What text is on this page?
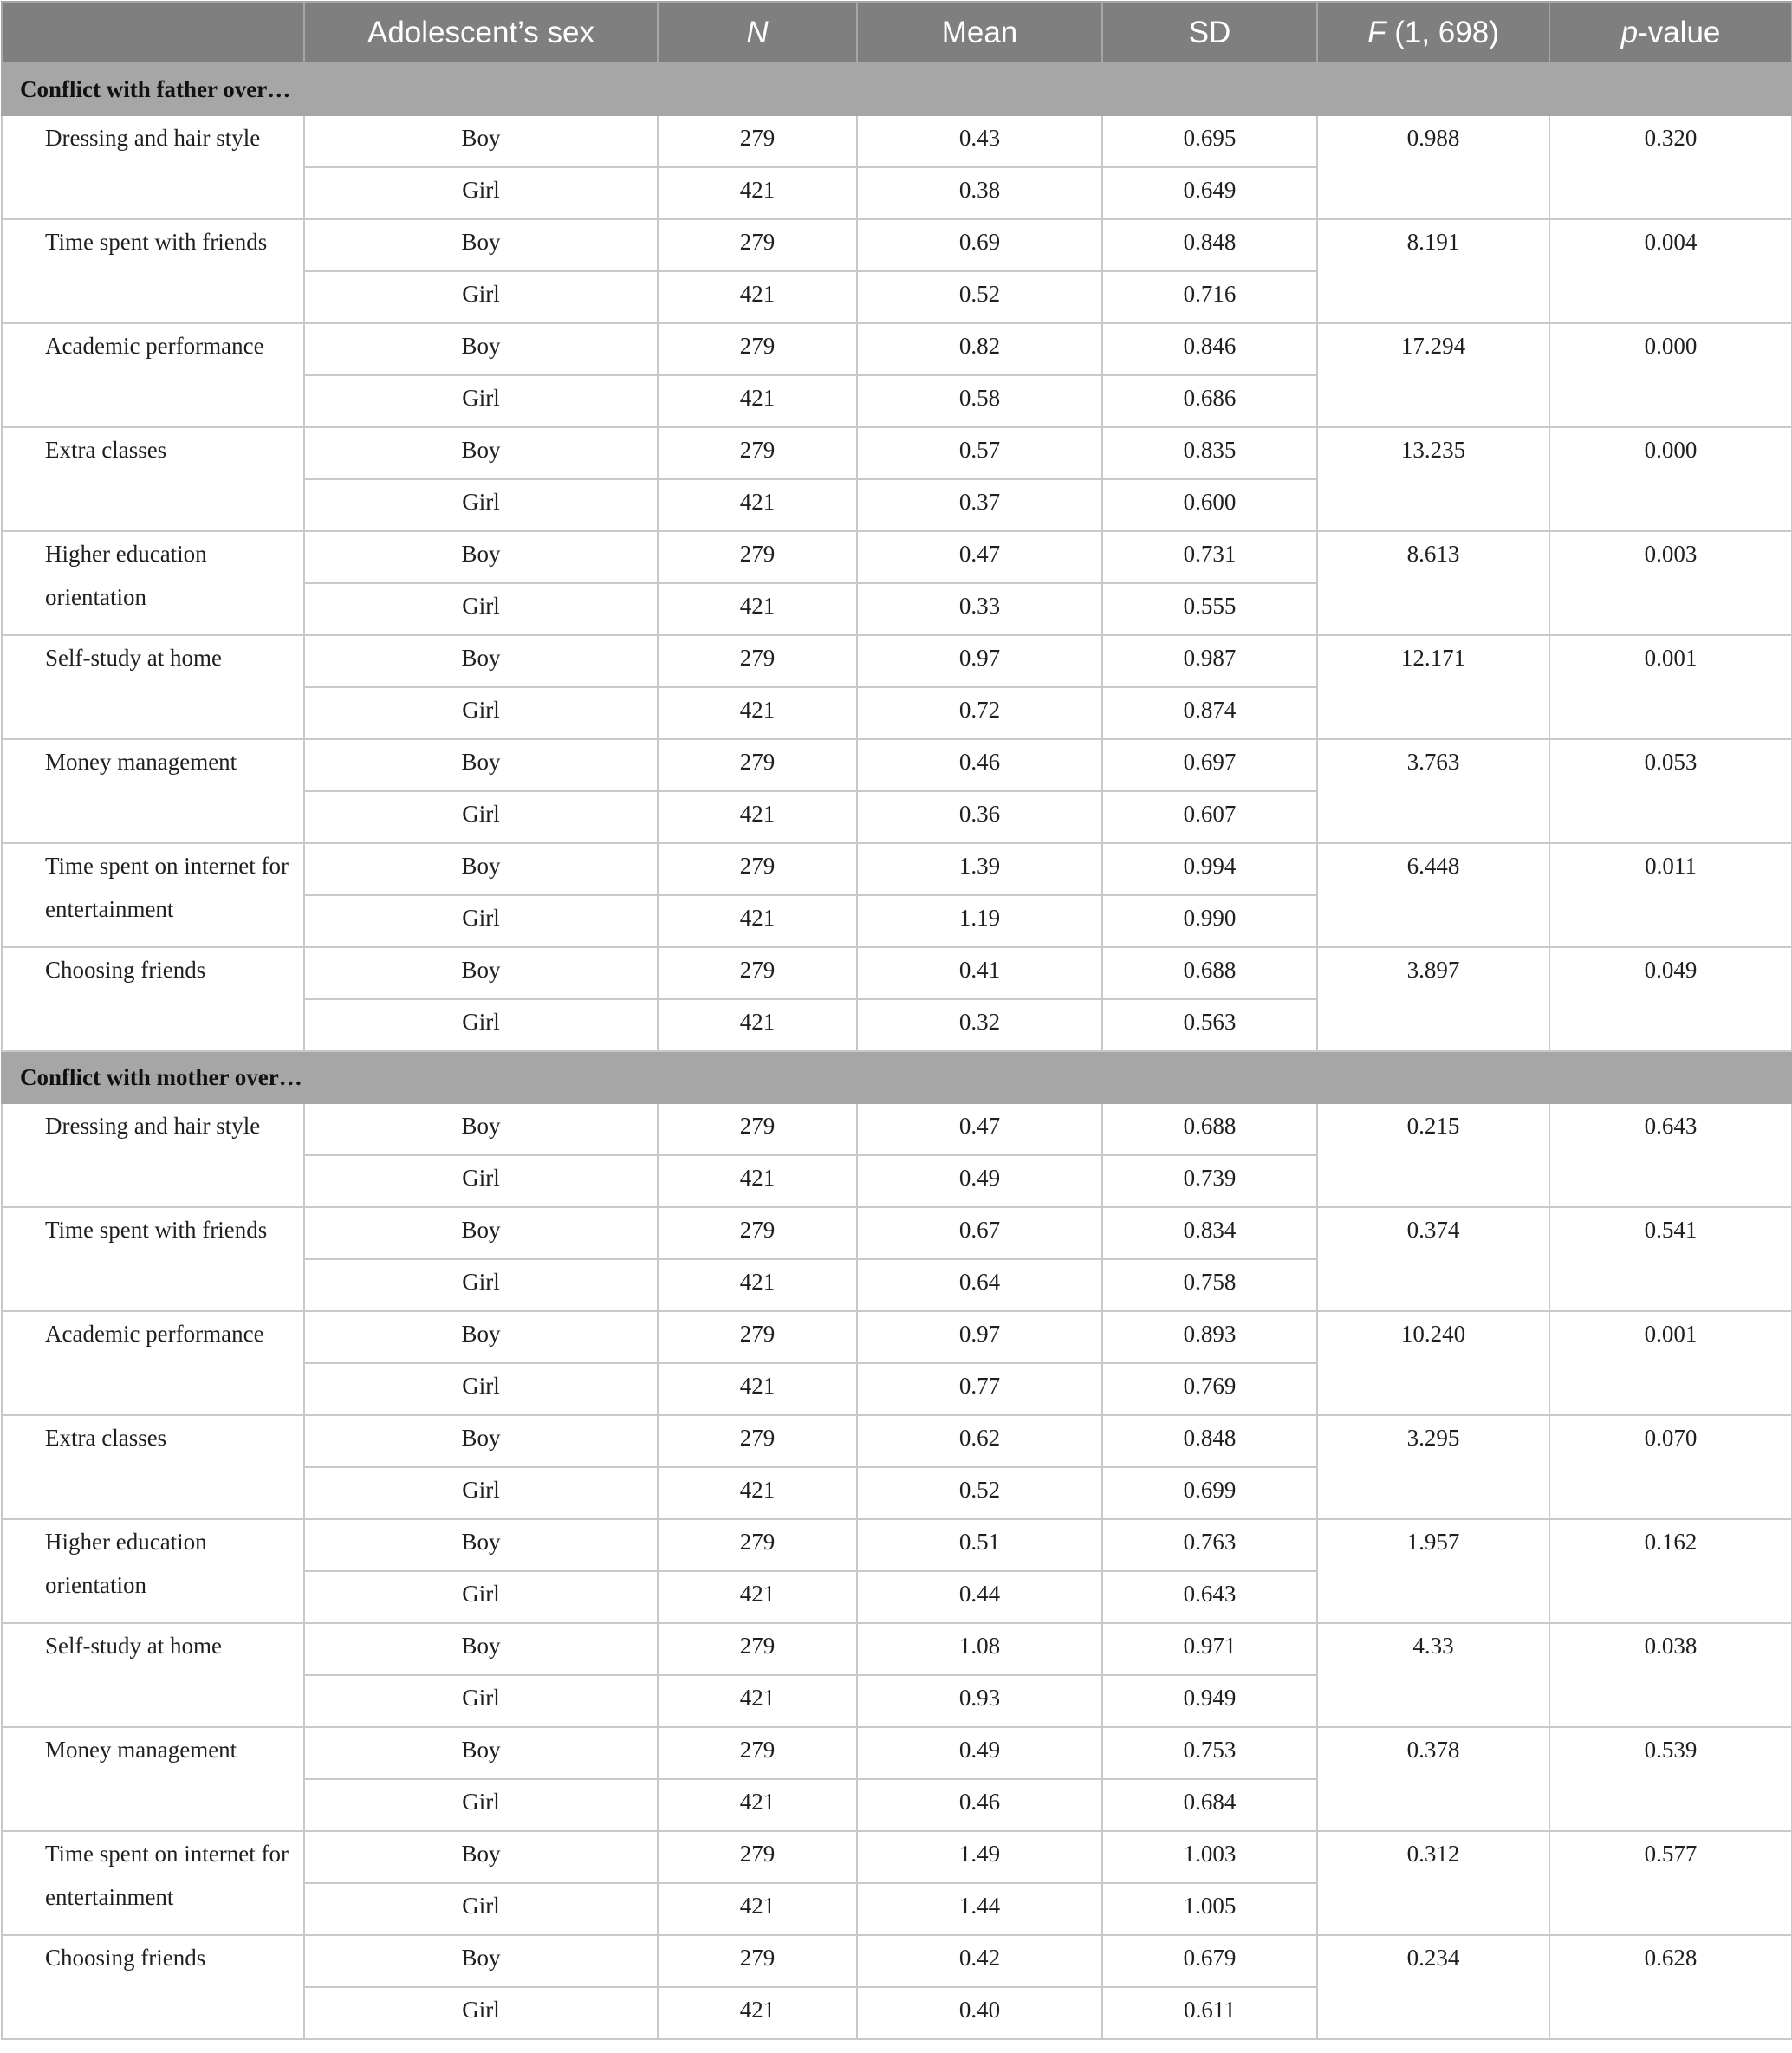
	Adolescent’s sex	N	Mean	SD	F (1, 698)	p-value
Conflict with father over…						
Dressing and hair style	Boy	279	0.43	0.695	0.988	0.320
	Girl	421	0.38	0.649		
Time spent with friends	Boy	279	0.69	0.848	8.191	0.004
	Girl	421	0.52	0.716		
Academic performance	Boy	279	0.82	0.846	17.294	0.000
	Girl	421	0.58	0.686		
Extra classes	Boy	279	0.57	0.835	13.235	0.000
	Girl	421	0.37	0.600		
Higher education orientation	Boy	279	0.47	0.731	8.613	0.003
	Girl	421	0.33	0.555		
Self-study at home	Boy	279	0.97	0.987	12.171	0.001
	Girl	421	0.72	0.874		
Money management	Boy	279	0.46	0.697	3.763	0.053
	Girl	421	0.36	0.607		
Time spent on internet for entertainment	Boy	279	1.39	0.994	6.448	0.011
	Girl	421	1.19	0.990		
Choosing friends	Boy	279	0.41	0.688	3.897	0.049
	Girl	421	0.32	0.563		
Conflict with mother over…						
Dressing and hair style	Boy	279	0.47	0.688	0.215	0.643
	Girl	421	0.49	0.739		
Time spent with friends	Boy	279	0.67	0.834	0.374	0.541
	Girl	421	0.64	0.758		
Academic performance	Boy	279	0.97	0.893	10.240	0.001
	Girl	421	0.77	0.769		
Extra classes	Boy	279	0.62	0.848	3.295	0.070
	Girl	421	0.52	0.699		
Higher education orientation	Boy	279	0.51	0.763	1.957	0.162
	Girl	421	0.44	0.643		
Self-study at home	Boy	279	1.08	0.971	4.33	0.038
	Girl	421	0.93	0.949		
Money management	Boy	279	0.49	0.753	0.378	0.539
	Girl	421	0.46	0.684		
Time spent on internet for entertainment	Boy	279	1.49	1.003	0.312	0.577
	Girl	421	1.44	1.005		
Choosing friends	Boy	279	0.42	0.679	0.234	0.628
	Girl	421	0.40	0.611		
